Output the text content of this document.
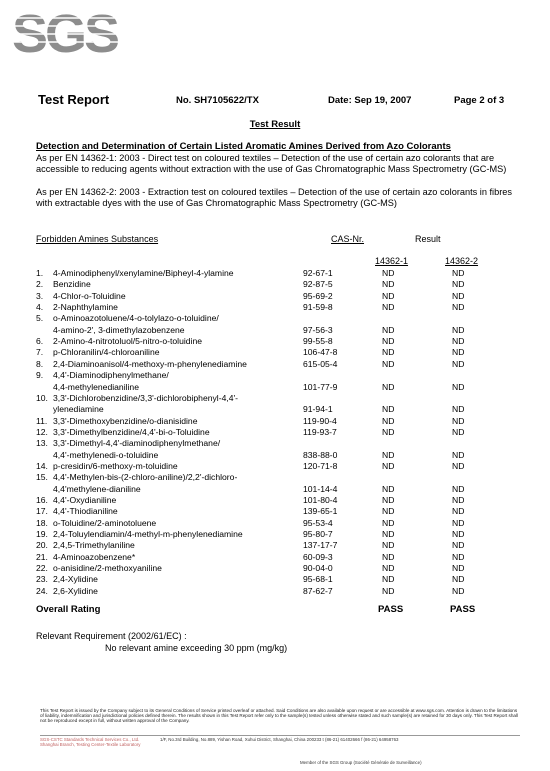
SGS
Test Report	No. SH7105622/TX	Date: Sep 19, 2007	Page 2 of 3
Test Result
Detection and Determination of Certain Listed Aromatic Amines Derived from Azo Colorants
As per EN 14362-1: 2003 - Direct test on coloured textiles – Detection of the use of certain azo colorants that are accessible to reducing agents without extraction with the use of Gas Chromatographic Mass Spectrometry (GC-MS)
As per EN 14362-2: 2003 - Extraction test on coloured textiles – Detection of the use of certain azo colorants in fibres with extractable dyes with the use of Gas Chromatographic Mass Spectrometry (GC-MS)
Forbidden Amines Substances	CAS-Nr.	Result
14362-1	14362-2
1. 4-Aminodiphenyl/xenylamine/Bipheyl-4-ylamine	92-67-1	ND	ND
2. Benzidine	92-87-5	ND	ND
3. 4-Chlor-o-Toluidine	95-69-2	ND	ND
4. 2-Naphthylamine	91-59-8	ND	ND
5. o-Aminoazotoluene/4-o-tolylazo-o-toluidine/
4-amino-2', 3-dimethylazobenzene	97-56-3	ND	ND
6. 2-Amino-4-nitrotoluol/5-nitro-o-toluidine	99-55-8	ND	ND
7. p-Chloranilin/4-chloroaniline	106-47-8	ND	ND
8. 2,4-Diaminoanisol/4-methoxy-m-phenylenediamine	615-05-4	ND	ND
9. 4,4'-Diaminodiphenylmethane/
4,4-methylenedianiline	101-77-9	ND	ND
10. 3,3'-Dichlorobenzidine/3,3'-dichlorobiphenyl-4,4'-
ylenediamine	91-94-1	ND	ND
11. 3,3'-Dimethoxybenzidine/o-dianisidine	119-90-4	ND	ND
12. 3,3'-Dimethylbenzidine/4,4'-bi-o-Toluidine	119-93-7	ND	ND
13. 3,3'-Dimethyl-4,4'-diaminodiphenylmethane/
4,4'-methylenedi-o-toluidine	838-88-0	ND	ND
14. p-cresidin/6-methoxy-m-toluidine	120-71-8	ND	ND
15. 4,4'-Methylen-bis-(2-chloro-aniline)/2,2'-dichloro-
4,4'methylene-dianiline	101-14-4	ND	ND
16. 4,4'-Oxydianiline	101-80-4	ND	ND
17. 4,4'-Thiodianiline	139-65-1	ND	ND
18. o-Toluidine/2-aminotoluene	95-53-4	ND	ND
19. 2,4-Toluylendiamin/4-methyl-m-phenylenediamine	95-80-7	ND	ND
20. 2,4,5-Trimethylaniline	137-17-7	ND	ND
21. 4-Aminoazobenzene*	60-09-3	ND	ND
22. o-anisidine/2-methoxyaniline	90-04-0	ND	ND
23. 2,4-Xylidine	95-68-1	ND	ND
24. 2,6-Xylidine	87-62-7	ND	ND
Overall Rating	PASS	PASS
Relevant Requirement (2002/61/EC) :
No relevant amine exceeding 30 ppm (mg/kg)
This Test Report is issued by the Company subject to its General Conditions of Service printed overleaf or attached. Said Conditions are also available upon request or are accessible at www.sgs.com. Attention is drawn to the limitations of liability, indemnification and jurisdictional policies defined therein. The results shown in this Test Report refer only to the sample(s) tested unless otherwise stated and such sample(s) are retained for 30 days only. This Test Report shall not be reproduced except in full, without written approval of the Company.
SGS-CSTC Standards Technical Services Co., Ltd. Shanghai Branch, Testing Center-Textile Laboratory
1/F, No.3rd Building, No.889, Yishan Road, Xuhui District, Shanghai, China 200233 t (86-21) 61402666 f (86-21) 64958763
Member of the SGS Group (Société Générale de Surveillance)
